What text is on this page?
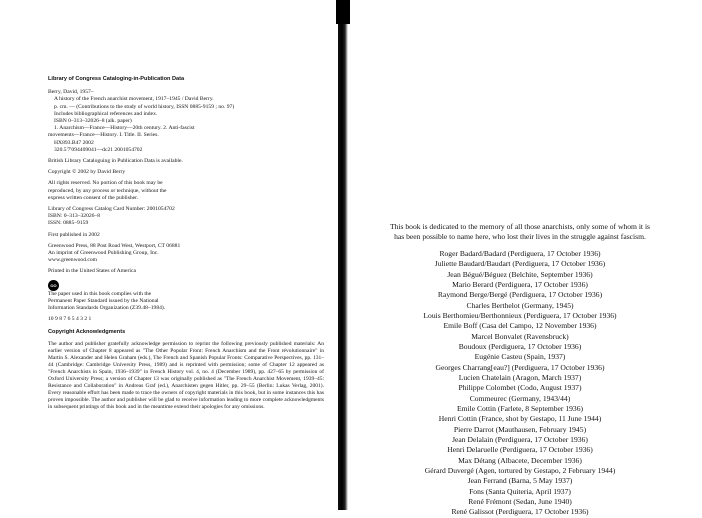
Library of Congress Cataloging-in-Publication Data

Berry, David, 1957–

A history of the French anarchist movement, 1917–1945 / David Berry.

p. cm. — (Contributions to the study of world history, ISSN 0885-9159 ; no. 97)

Includes bibliographical references and index.

ISBN 0–313–32026–8 (alk. paper)

1. Anarchism—France—History—20th century. 2. Anti-fascist

movements—France—History. I. Title. II. Series.

HX893.B47 2002

320.5'7'094409041—dc21 2001054702

British Library Cataloguing in Publication Data is available.

Copyright © 2002 by David Berry

All rights reserved. No portion of this book may be

reproduced, by any process or technique, without the

express written consent of the publisher.

Library of Congress Catalog Card Number: 2001054702

ISBN: 0–313–32026–8

ISSN: 0885–9159

First published in 2002

Greenwood Press, 88 Post Road West, Westport, CT 06881

An imprint of Greenwood Publishing Group, Inc.

www.greenwood.com

Printed in the United States of America

OO

The paper used in this book complies with the

Permanent Paper Standard issued by the National

Information Standards Organization (Z39.48–1984).

10 9 8 7 6 5 4 3 2 1

Copyright Acknowledgments

The author and publisher gratefully acknowledge permission to reprint the following previously published materials: An earlier version of Chapter 8 appeared as "The Other Popular Front: French Anarchism and the Front révolutionnaire" in Martin S. Alexander and Helen Graham (eds.), The French and Spanish Popular Fronts: Comparative Perspectives, pp. 131–44 (Cambridge: Cambridge University Press, 1989) and is reprinted with permission; some of Chapter 12 appeared as "French Anarchists in Spain, 1936–1939" in French History vol. 4, no. 4 (December 1989), pp. 427–65 by permission of Oxford University Press; a version of Chapter 13 was originally published as "The French Anarchist Movement, 1939–45: Resistance and Collaboration" in Andreas Graf (ed.), Anarchisten gegen Hitler, pp. 29–55 (Berlin: Lukas Verlag, 2001). Every reasonable effort has been made to trace the owners of copyright materials in this book, but in some instances this has proven impossible. The author and publisher will be glad to receive information leading to more complete acknowledgments in subsequent printings of this book and in the meantime extend their apologies for any omissions.

This book is dedicated to the memory of all those anarchists, only some of whom it is has been possible to name here, who lost their lives in the struggle against fascism.

Roger Badard/Badard (Perdiguera, 17 October 1936)
Juliette Baudard/Baudart (Perdiguera, 17 October 1936)
Jean Bégué/Béguez (Belchite, September 1936)
Mario Berard (Perdiguera, 17 October 1936)
Raymond Berge/Bergé (Perdiguera, 17 October 1936)
Charles Berthelot (Germany, 1945)
Louis Berthomieu/Berthonnieux (Perdiguera, 17 October 1936)
Emile Boff (Casa del Campo, 12 November 1936)
Marcel Bonvalet (Ravensbruck)
Boudoux (Perdiguera, 17 October 1936)
Eugénie Casteu (Spain, 1937)
Georges Charrang[eau?] (Perdiguera, 17 October 1936)
Lucien Chatelain (Aragon, March 1937)
Philippe Colombet (Codo, August 1937)
Commeurec (Germany, 1943/44)
Emile Cottin (Farlete, 8 September 1936)
Henri Cottin (France, shot by Gestapo, 11 June 1944)
Pierre Darrot (Mauthausen, February 1945)
Jean Delalain (Perdiguera, 17 October 1936)
Henri Delaruelle (Perdiguera, 17 October 1936)
Max Détang (Albacete, December 1936)
Gérard Duvergé (Agen, tortured by Gestapo, 2 February 1944)
Jean Ferrand (Barna, 5 May 1937)
Fons (Santa Quiteria, April 1937)
René Frémont (Sedan, June 1940)
René Galissot (Perdiguera, 17 October 1936)
